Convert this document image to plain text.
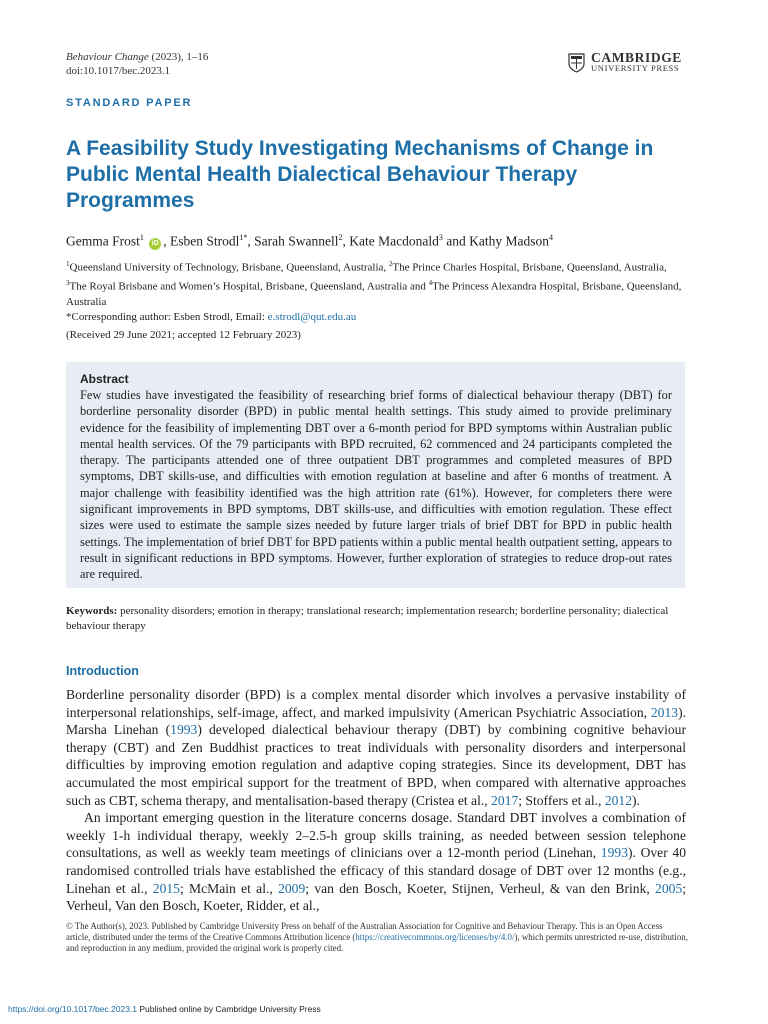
Behaviour Change (2023), 1–16
doi:10.1017/bec.2023.1
CAMBRIDGE
UNIVERSITY PRESS
STANDARD PAPER
A Feasibility Study Investigating Mechanisms of Change in Public Mental Health Dialectical Behaviour Therapy Programmes
Gemma Frost$^1$ iD , Esben Strodl$^{1*}$, Sarah Swannell$^2$, Kate Macdonald$^3$ and Kathy Madson$^4$
$^1$Queensland University of Technology, Brisbane, Queensland, Australia, $^2$The Prince Charles Hospital, Brisbane, Queensland, Australia, $^3$The Royal Brisbane and Women’s Hospital, Brisbane, Queensland, Australia and $^4$The Princess Alexandra Hospital, Brisbane, Queensland, Australia
*Corresponding author: Esben Strodl, Email: e.strodl@qut.edu.au
(Received 29 June 2021; accepted 12 February 2023)
Abstract

Few studies have investigated the feasibility of researching brief forms of dialectical behaviour therapy (DBT) for borderline personality disorder (BPD) in public mental health settings. This study aimed to provide preliminary evidence for the feasibility of implementing DBT over a 6-month period for BPD symptoms within Australian public mental health services. Of the 79 participants with BPD recruited, 62 commenced and 24 participants completed the therapy. The participants attended one of three outpatient DBT programmes and completed measures of BPD symptoms, DBT skills-use, and difficulties with emotion regulation at baseline and after 6 months of treatment. A major challenge with feasibility identified was the high attrition rate (61%). However, for completers there were significant improvements in BPD symptoms, DBT skills-use, and difficulties with emotion regulation. These effect sizes were used to estimate the sample sizes needed by future larger trials of brief DBT for BPD in public health settings. The implementation of brief DBT for BPD patients within a public mental health outpatient setting, appears to result in significant reductions in BPD symptoms. However, further exploration of strategies to reduce drop-out rates are required.

Keywords: personality disorders; emotion in therapy; translational research; implementation research; borderline personality; dialectical behaviour therapy
Introduction

Borderline personality disorder (BPD) is a complex mental disorder which involves a pervasive instability of interpersonal relationships, self-image, affect, and marked impulsivity (American Psychiatric Association, 2013). Marsha Linehan (1993) developed dialectical behaviour therapy (DBT) by combining cognitive behaviour therapy (CBT) and Zen Buddhist practices to treat individuals with personality disorders and interpersonal difficulties by improving emotion regulation and adaptive coping strategies. Since its development, DBT has accumulated the most empirical support for the treatment of BPD, when compared with alternative approaches such as CBT, schema therapy, and mentalisation-based therapy (Cristea et al., 2017; Stoffers et al., 2012).

An important emerging question in the literature concerns dosage. Standard DBT involves a combination of weekly 1-h individual therapy, weekly 2–2.5-h group skills training, as needed between session telephone consultations, as well as weekly team meetings of clinicians over a 12-month period (Linehan, 1993). Over 40 randomised controlled trials have established the efficacy of this standard dosage of DBT over 12 months (e.g., Linehan et al., 2015; McMain et al., 2009; van den Bosch, Koeter, Stijnen, Verheul, & van den Brink, 2005; Verheul, Van den Bosch, Koeter, Ridder, et al.,

© The Author(s), 2023. Published by Cambridge University Press on behalf of the Australian Association for Cognitive and Behaviour Therapy. This is an Open Access article, distributed under the terms of the Creative Commons Attribution licence (https://creativecommons.org/licenses/by/4.0/), which permits unrestricted re-use, distribution, and reproduction in any medium, provided the original work is properly cited.
https://doi.org/10.1017/bec.2023.1 Published online by Cambridge University Press
